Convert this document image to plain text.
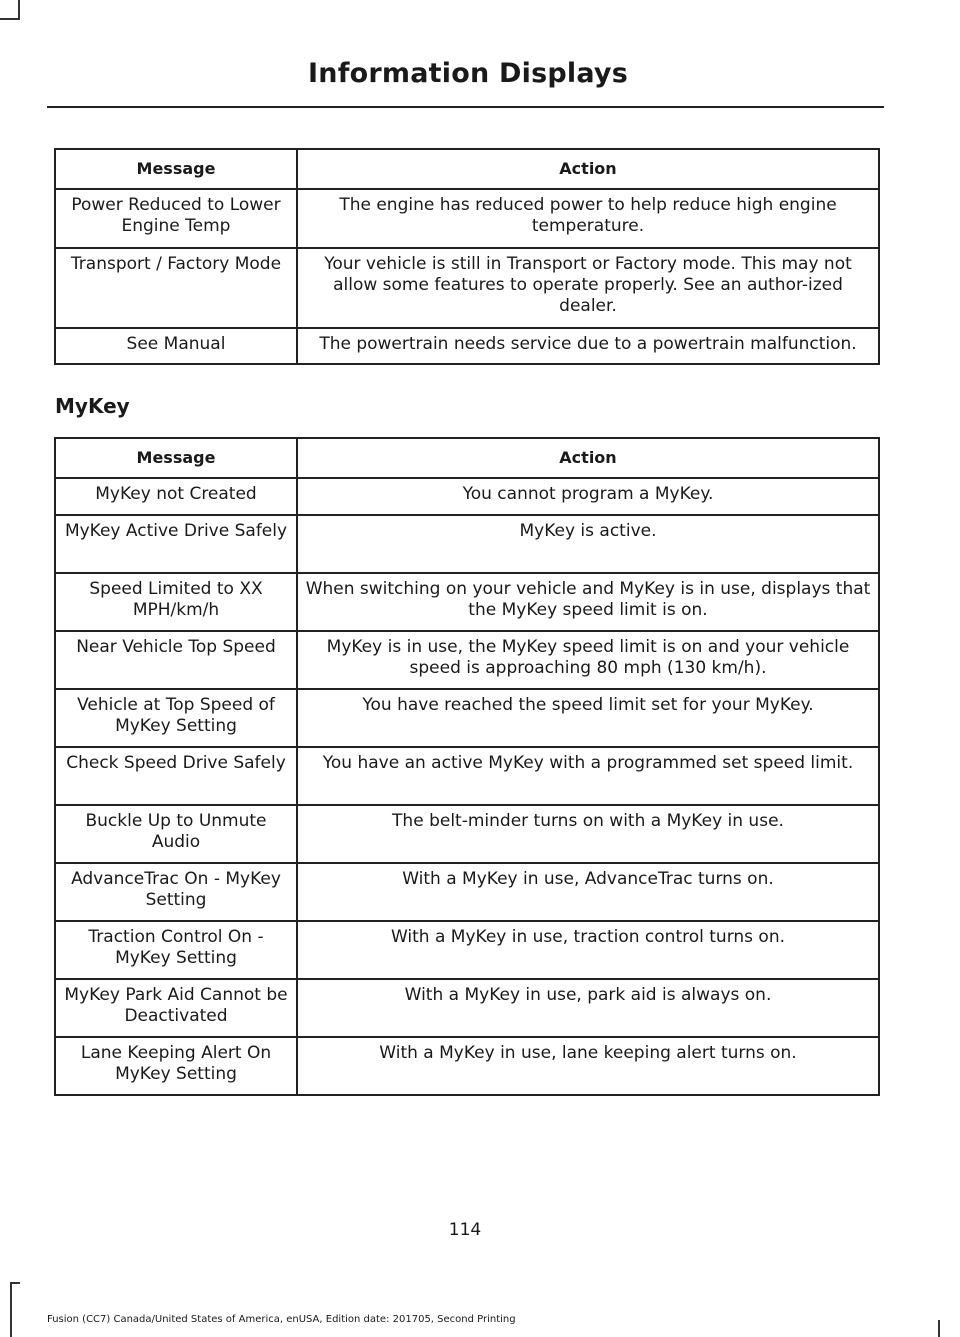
Information Displays
Message	Action
Power Reduced to Lower Engine Temp	The engine has reduced power to help reduce high engine temperature.
Transport / Factory Mode	Your vehicle is still in Transport or Factory mode. This may not allow some features to operate properly. See an author-ized dealer.
See Manual	The powertrain needs service due to a powertrain malfunction.
MyKey
Message	Action
MyKey not Created	You cannot program a MyKey.
MyKey Active Drive Safely	MyKey is active.
Speed Limited to XX MPH/km/h	When switching on your vehicle and MyKey is in use, displays that the MyKey speed limit is on.
Near Vehicle Top Speed	MyKey is in use, the MyKey speed limit is on and your vehicle speed is approaching 80 mph (130 km/h).
Vehicle at Top Speed of MyKey Setting	You have reached the speed limit set for your MyKey.
Check Speed Drive Safely	You have an active MyKey with a programmed set speed limit.
Buckle Up to Unmute Audio	The belt-minder turns on with a MyKey in use.
AdvanceTrac On - MyKey Setting	With a MyKey in use, AdvanceTrac turns on.
Traction Control On - MyKey Setting	With a MyKey in use, traction control turns on.
MyKey Park Aid Cannot be Deactivated	With a MyKey in use, park aid is always on.
Lane Keeping Alert On MyKey Setting	With a MyKey in use, lane keeping alert turns on.
114
Fusion (CC7) Canada/United States of America, enUSA, Edition date: 201705, Second Printing
